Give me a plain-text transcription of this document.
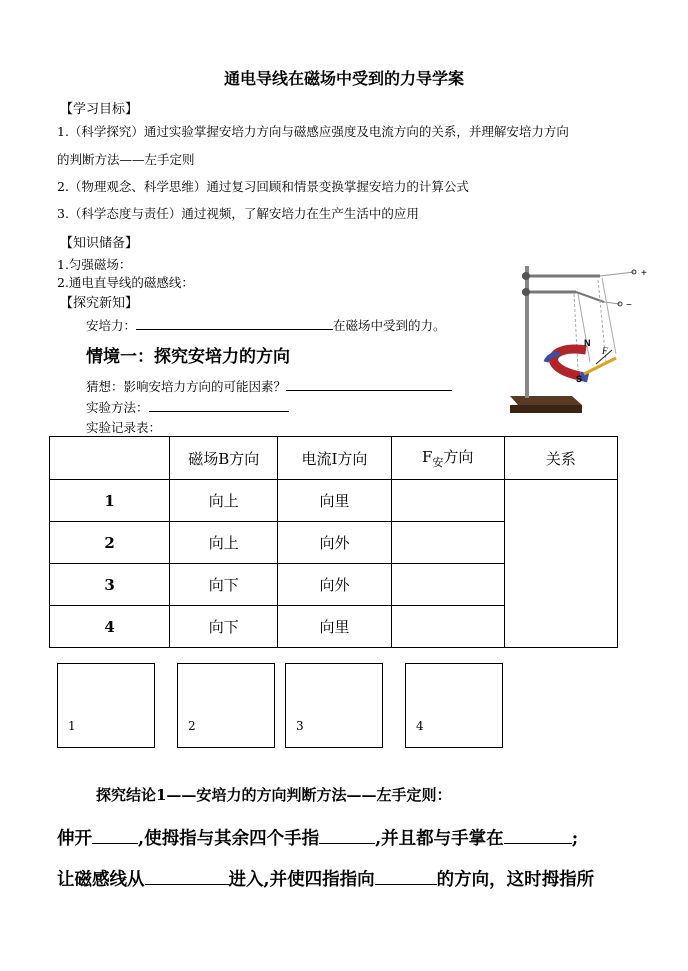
通电导线在磁场中受到的力导学案
【学习目标】
1.（科学探究）通过实验掌握安培力方向与磁感应强度及电流方向的关系，并理解安培力方向
的判断方法——左手定则
2.（物理观念、科学思维）通过复习回顾和情景变换掌握安培力的计算公式
3.（科学态度与责任）通过视频，了解安培力在生产生活中的应用
【知识储备】
1.匀强磁场：
2.通电直导线的磁感线：
【探究新知】
安培力：	在磁场中受到的力。
情境一：探究安培力的方向
猜想：影响安培力方向的可能因素？
实验方法：
实验记录表：
+
−
N
S
F
	磁场B方向	电流I方向	$F_安$方向	关系
1	向上	向里		
2	向上	向外		
3	向下	向外		
4	向下	向里		
1	2	3	4
探究结论1——安培力的方向判断方法——左手定则：
伸开	,使拇指与其余四个手指	,并且都与手掌在	;
让磁感线从	进入,并使四指指向	的方向，这时拇指所
